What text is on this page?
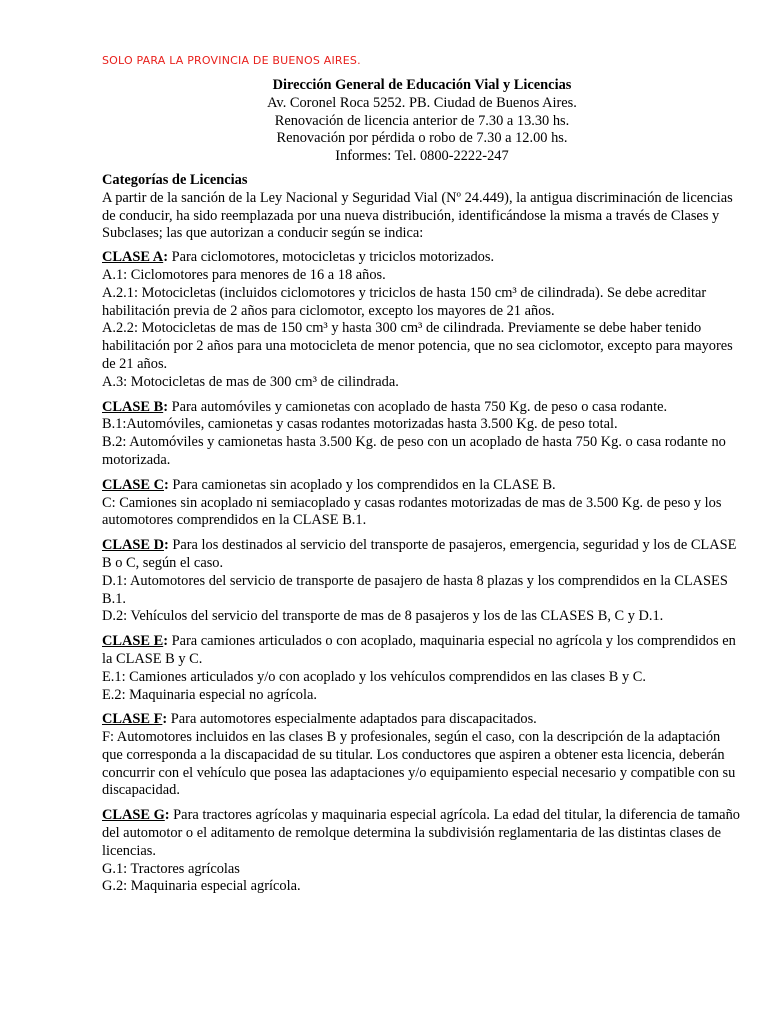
SOLO PARA LA PROVINCIA DE BUENOS AIRES.
Dirección General de Educación Vial y Licencias
Av. Coronel Roca 5252. PB. Ciudad de Buenos Aires.
Renovación de licencia anterior de 7.30 a 13.30 hs.
Renovación por pérdida o robo de 7.30 a 12.00 hs.
Informes: Tel. 0800-2222-247
Categorías de Licencias
A partir de la sanción de la Ley Nacional y Seguridad Vial (Nº 24.449), la antigua discriminación de licencias de conducir, ha sido reemplazada por una nueva distribución, identificándose la misma a través de Clases y Subclases; las que autorizan a conducir según se indica:
CLASE A: Para ciclomotores, motocicletas y triciclos motorizados.
A.1: Ciclomotores para menores de 16 a 18 años.
A.2.1: Motocicletas (incluidos ciclomotores y triciclos de hasta 150 cm³ de cilindrada). Se debe acreditar habilitación previa de 2 años para ciclomotor, excepto los mayores de 21 años.
A.2.2: Motocicletas de mas de 150 cm³ y hasta 300 cm³ de cilindrada. Previamente se debe haber tenido habilitación por 2 años para una motocicleta de menor potencia, que no sea ciclomotor, excepto para mayores de 21 años.
A.3: Motocicletas de mas de 300 cm³ de cilindrada.
CLASE B: Para automóviles y camionetas con acoplado de hasta 750 Kg. de peso o casa rodante.
B.1:Automóviles, camionetas y casas rodantes motorizadas hasta 3.500 Kg. de peso total.
B.2: Automóviles y camionetas hasta 3.500 Kg. de peso con un acoplado de hasta 750 Kg. o casa rodante no motorizada.
CLASE C: Para camionetas sin acoplado y los comprendidos en la CLASE B.
C: Camiones sin acoplado ni semiacoplado y casas rodantes motorizadas de mas de 3.500 Kg. de peso y los automotores comprendidos en la CLASE B.1.
CLASE D: Para los destinados al servicio del transporte de pasajeros, emergencia, seguridad y los de CLASE B o C, según el caso.
D.1: Automotores del servicio de transporte de pasajero de hasta 8 plazas y los comprendidos en la CLASES B.1.
D.2: Vehículos del servicio del transporte de mas de 8 pasajeros y los de las CLASES B, C y D.1.
CLASE E: Para camiones articulados o con acoplado, maquinaria especial no agrícola y los comprendidos en la CLASE B y C.
E.1: Camiones articulados y/o con acoplado y los vehículos comprendidos en las clases B y C.
E.2: Maquinaria especial no agrícola.
CLASE F: Para automotores especialmente adaptados para discapacitados.
F: Automotores incluidos en las clases B y profesionales, según el caso, con la descripción de la adaptación que corresponda a la discapacidad de su titular. Los conductores que aspiren a obtener esta licencia, deberán concurrir con el vehículo que posea las adaptaciones y/o equipamiento especial necesario y compatible con su discapacidad.
CLASE G: Para tractores agrícolas y maquinaria especial agrícola. La edad del titular, la diferencia de tamaño del automotor o el aditamento de remolque determina la subdivisión reglamentaria de las distintas clases de licencias.
G.1: Tractores agrícolas
G.2: Maquinaria especial agrícola.
